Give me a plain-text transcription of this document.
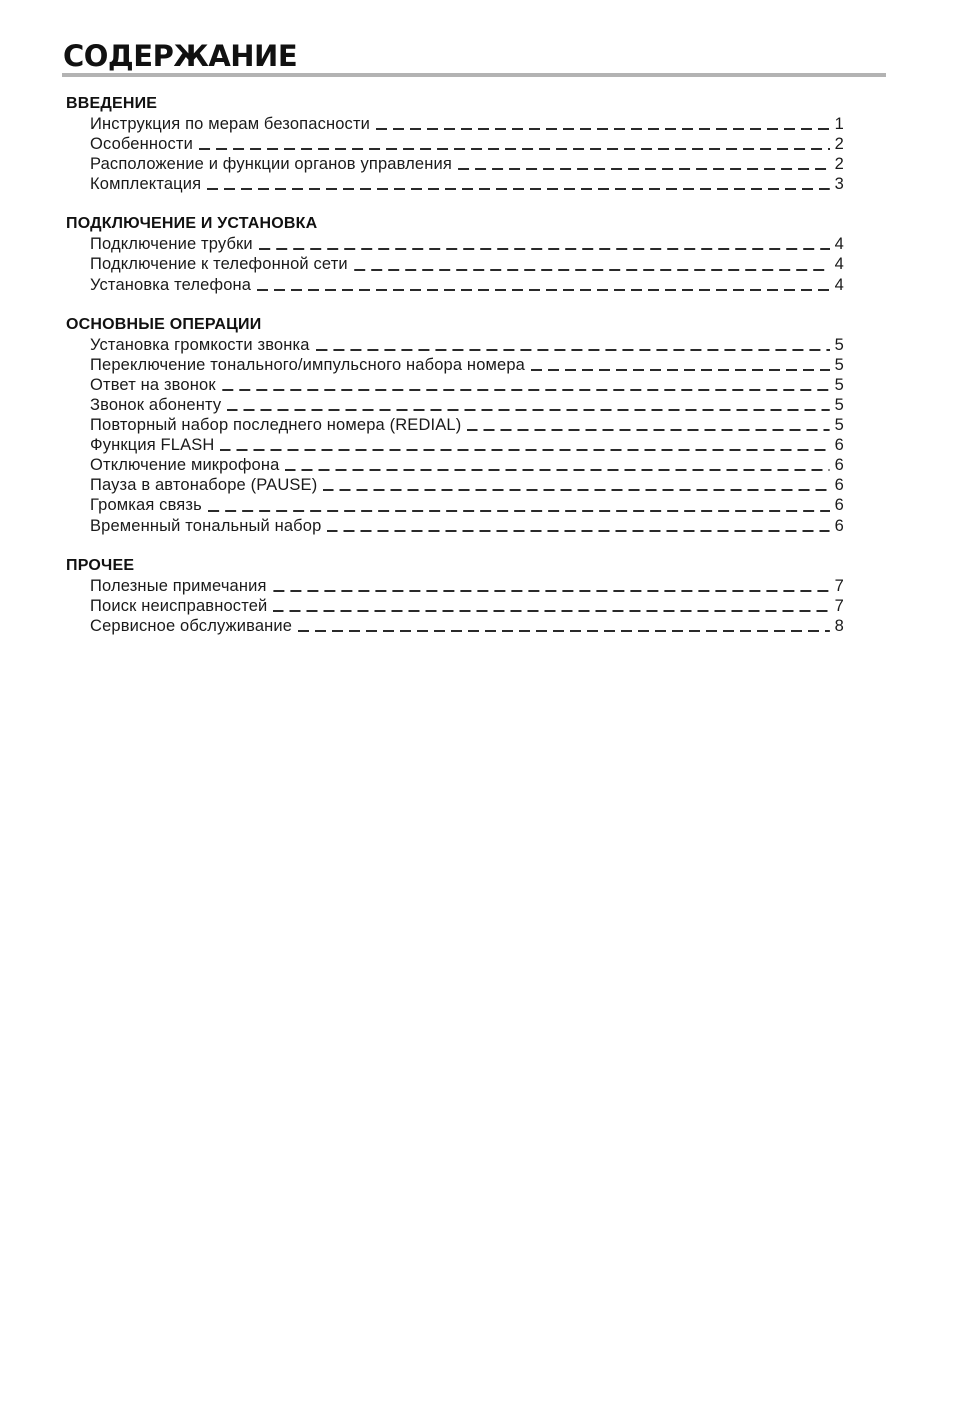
СОДЕРЖАНИЕ
ВВЕДЕНИЕ
Инструкция по мерам безопасности	1
Особенности	2
Расположение и функции органов управления	2
Комплектация	3
ПОДКЛЮЧЕНИЕ И УСТАНОВКА
Подключение трубки	4
Подключение к телефонной сети	4
Установка телефона	4
ОСНОВНЫЕ ОПЕРАЦИИ
Установка громкости звонка	5
Переключение тонального/импульсного набора номера	5
Ответ на звонок	5
Звонок абоненту	5
Повторный набор последнего номера (REDIAL)	5
Функция FLASH	6
Отключение микрофона	6
Пауза в автонаборе (PAUSE)	6
Громкая связь	6
Временный тональный набор	6
ПРОЧЕЕ
Полезные примечания	7
Поиск неисправностей	7
Сервисное обслуживание	8
